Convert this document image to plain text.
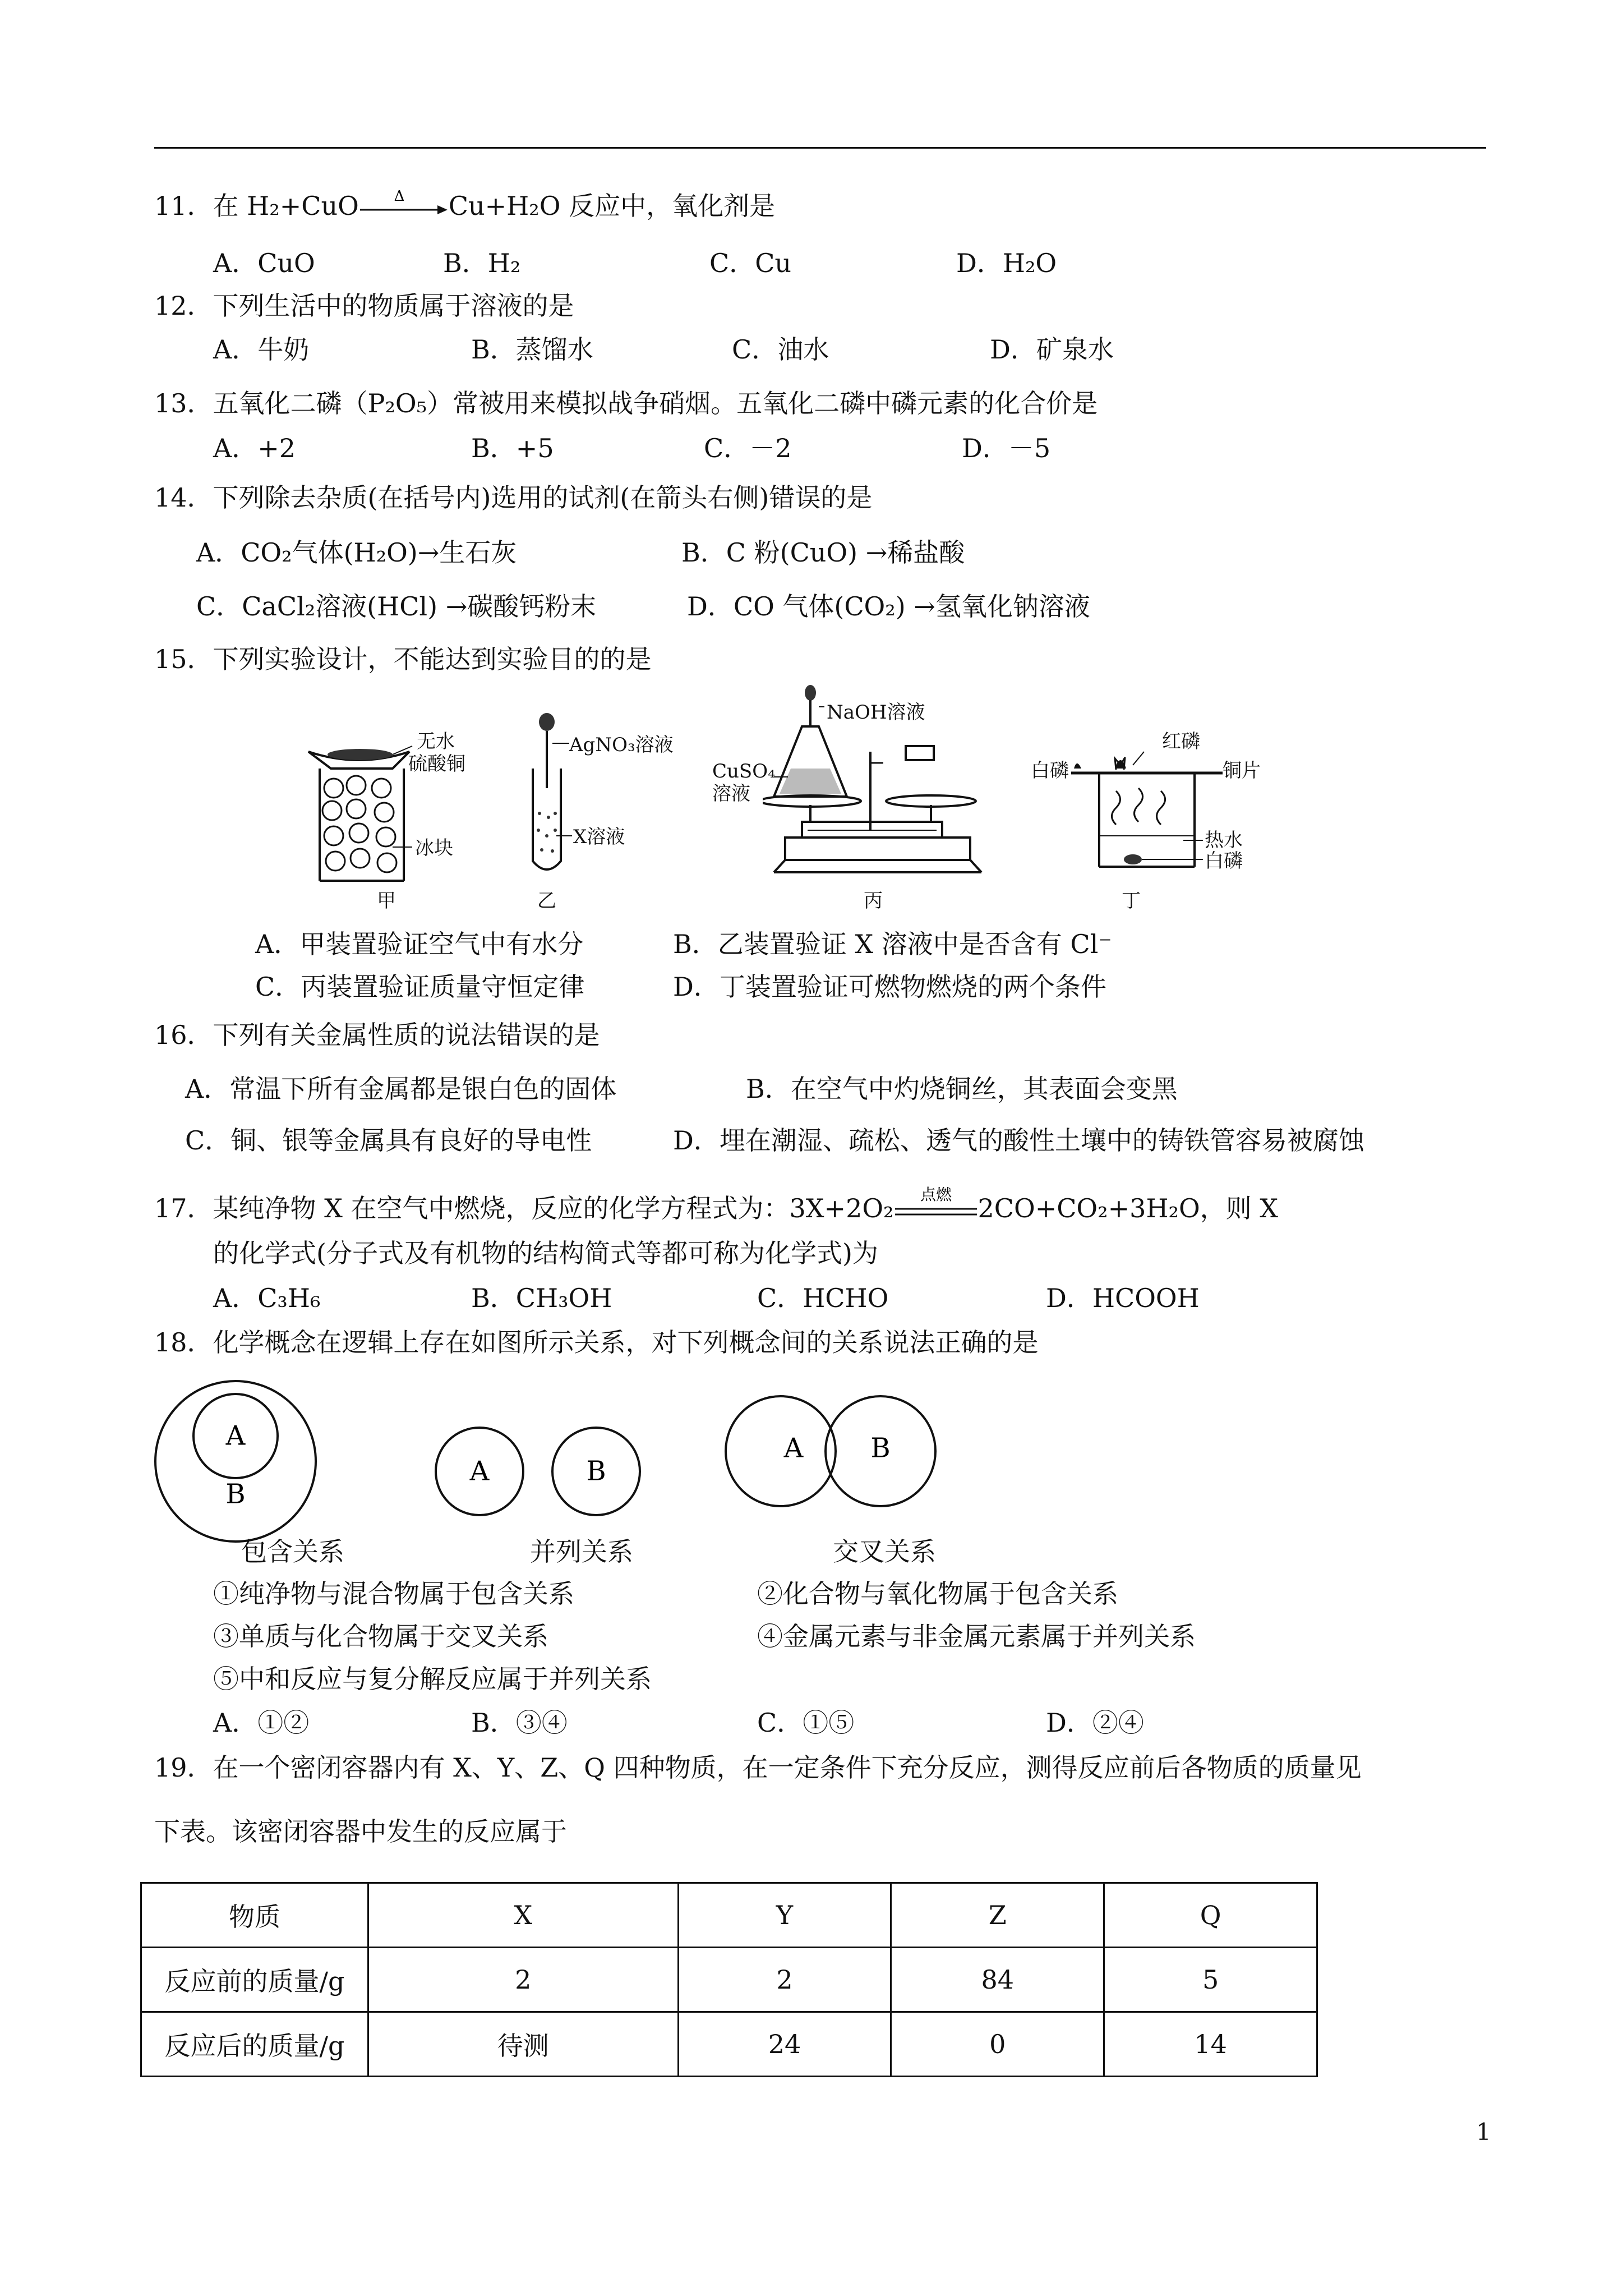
11．在 H₂+CuO Δ Cu+H₂O 反应中，氧化剂是
A．CuO	B．H₂	C．Cu	D．H₂O
12．下列生活中的物质属于溶液的是
A．牛奶	B．蒸馏水	C．油水	D．矿泉水
13．五氧化二磷（P₂O₅）常被用来模拟战争硝烟。五氧化二磷中磷元素的化合价是
A．+2	B．+5	C．－2	D．－5
14．下列除去杂质(在括号内)选用的试剂(在箭头右侧)错误的是
A．CO₂气体(H₂O)→生石灰	B．C 粉(CuO) →稀盐酸
C．CaCl₂溶液(HCl) →碳酸钙粉末	D．CO 气体(CO₂) →氢氧化钠溶液
15．下列实验设计，不能达到实验目的的是
无水
硫酸铜
冰块
甲
AgNO₃溶液
X溶液
乙
NaOH溶液
CuSO₄
溶液
丙
红磷
白磷	铜片
热水
白磷
丁
A．甲装置验证空气中有水分	B．乙装置验证 X 溶液中是否含有 Cl⁻
C．丙装置验证质量守恒定律	D．丁装置验证可燃物燃烧的两个条件
16．下列有关金属性质的说法错误的是
A．常温下所有金属都是银白色的固体	B．在空气中灼烧铜丝，其表面会变黑
C．铜、银等金属具有良好的导电性	D．埋在潮湿、疏松、透气的酸性土壤中的铸铁管容易被腐蚀
17．某纯净物 X 在空气中燃烧，反应的化学方程式为：3X+2O₂ 点燃 2CO+CO₂+3H₂O，则 X
的化学式(分子式及有机物的结构简式等都可称为化学式)为
A．C₃H₆	B．CH₃OH	C．HCHO	D．HCOOH
18．化学概念在逻辑上存在如图所示关系，对下列概念间的关系说法正确的是
A
B
A	B
A	B
包含关系	并列关系	交叉关系
①纯净物与混合物属于包含关系	②化合物与氧化物属于包含关系
③单质与化合物属于交叉关系	④金属元素与非金属元素属于并列关系
⑤中和反应与复分解反应属于并列关系
A．①②	B．③④	C．①⑤	D．②④
19．在一个密闭容器内有 X、Y、Z、Q 四种物质，在一定条件下充分反应，测得反应前后各物质的质量见
下表。该密闭容器中发生的反应属于
物质	X	Y	Z	Q
反应前的质量/g	2	2	84	5
反应后的质量/g	待测	24	0	14
1
